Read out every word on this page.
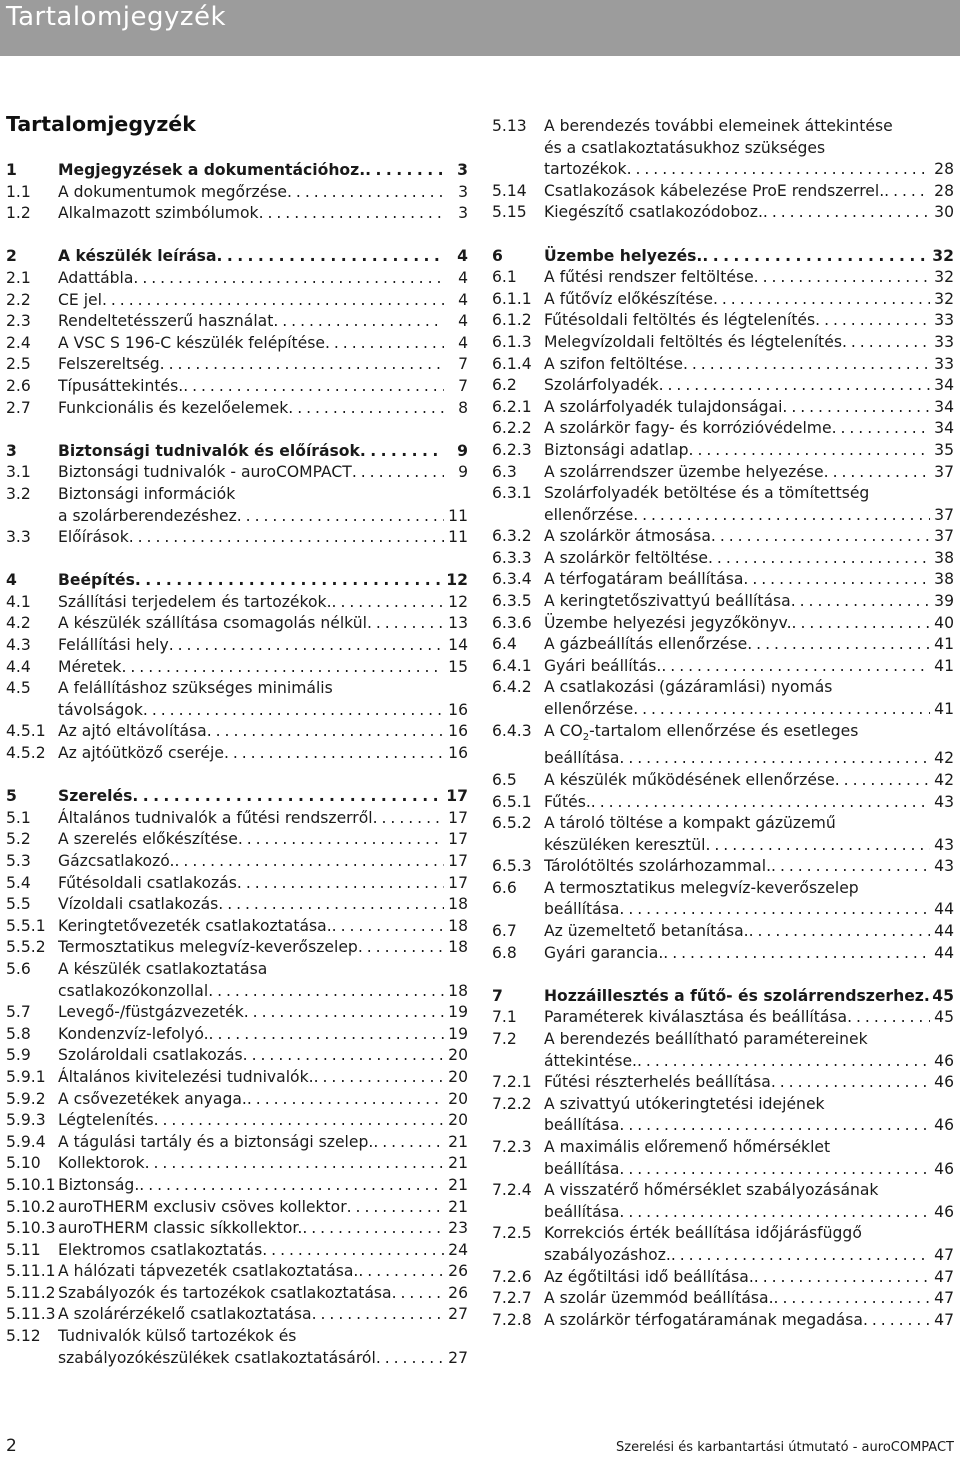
Tartalomjegyzék
Tartalomjegyzék
1	Megjegyzések a dokumentációhoz. . . .	3
1.1 A dokumentumok megőrzése . . .	3
1.2 Alkalmazott szimbólumok . . .	3
2	A készülék leírása . . .	4
2.1 Adattábla . . .	4
2.2 CE jel . . .	4
2.3 Rendeltetésszerű használat . . .	4
2.4 A VSC S 196-C készülék felépítése . . .	4
2.5 Felszereltség . . .	7
2.6 Típusáttekintés. . . .	7
2.7 Funkcionális és kezelőelemek . . .	8
3	Biztonsági tudnivalók és előírások . . .	9
3.1 Biztonsági tudnivalók - auroCOMPACT . . .	9
3.2 Biztonsági információk
a szolárberendezéshez . . .	11
3.3 Előírások . . .	11
4	Beépítés . . .	12
4.1 Szállítási terjedelem és tartozékok. . . .	12
4.2 A készülék szállítása csomagolás nélkül . . .	13
4.3 Felállítási hely . . .	14
4.4 Méretek . . .	15
4.5 A felállításhoz szükséges minimális
távolságok . . .	16
4.5.1 Az ajtó eltávolítása . . .	16
4.5.2 Az ajtóütköző cseréje . . .	16
5	Szerelés . . .	17
5.1 Általános tudnivalók a fűtési rendszerről . . .	17
5.2 A szerelés előkészítése . . .	17
5.3 Gázcsatlakozó. . . .	17
5.4 Fűtésoldali csatlakozás . . .	17
5.5 Vízoldali csatlakozás . . .	18
5.5.1 Keringtetővezeték csatlakoztatása. . . .	18
5.5.2 Termosztatikus melegvíz-keverőszelep . . .	18
5.6 A készülék csatlakoztatása
csatlakozókonzollal . . .	18
5.7 Levegő-/füstgázvezeték . . .	19
5.8 Kondenzvíz-lefolyó. . . .	19
5.9 Szolároldali csatlakozás . . .	20
5.9.1 Általános kivitelezési tudnivalók. . . .	20
5.9.2 A csővezetékek anyaga. . . .	20
5.9.3 Légtelenítés . . .	20
5.9.4 A tágulási tartály és a biztonsági szelep. . . .	21
5.10 Kollektorok . . .	21
5.10.1 Biztonság. . . .	21
5.10.2 auroTHERM exclusiv csöves kollektor . . .	21
5.10.3 auroTHERM classic síkkollektor. . . .	23
5.11 Elektromos csatlakoztatás . . .	24
5.11.1 A hálózati tápvezeték csatlakoztatása. . . .	26
5.11.2 Szabályozók és tartozékok csatlakoztatása . . .	26
5.11.3 A szolárérzékelő csatlakoztatása . . .	27
5.12 Tudnivalók külső tartozékok és
szabályozókészülékek csatlakoztatásáról . . .	27
5.13 A berendezés további elemeinek áttekintése
és a csatlakoztatásukhoz szükséges
tartozékok . . .	28
5.14 Csatlakozások kábelezése ProE rendszerrel. . . .	28
5.15 Kiegészítő csatlakozódoboz. . . .	30
6	Üzembe helyezés. . . .	32
6.1 A fűtési rendszer feltöltése . . .	32
6.1.1 A fűtővíz előkészítése . . .	32
6.1.2 Fűtésoldali feltöltés és légtelenítés . . .	33
6.1.3 Melegvízoldali feltöltés és légtelenítés . . .	33
6.1.4 A szifon feltöltése . . .	33
6.2 Szolárfolyadék . . .	34
6.2.1 A szolárfolyadék tulajdonságai . . .	34
6.2.2 A szolárkör fagy- és korrózióvédelme . . .	34
6.2.3 Biztonsági adatlap . . .	35
6.3 A szolárrendszer üzembe helyezése . . .	37
6.3.1 Szolárfolyadék betöltése és a tömítettség
ellenőrzése . . .	37
6.3.2 A szolárkör átmosása . . .	37
6.3.3 A szolárkör feltöltése . . .	38
6.3.4 A térfogatáram beállítása . . .	38
6.3.5 A keringtetőszivattyú beállítása . . .	39
6.3.6 Üzembe helyezési jegyzőkönyv. . . .	40
6.4 A gázbeállítás ellenőrzése . . .	41
6.4.1 Gyári beállítás. . . .	41
6.4.2 A csatlakozási (gázáramlási) nyomás
ellenőrzése . . .	41
6.4.3 A $CO_2$-tartalom ellenőrzése és esetleges
beállítása . . .	42
6.5 A készülék működésének ellenőrzése . . .	42
6.5.1 Fűtés. . . .	43
6.5.2 A tároló töltése a kompakt gázüzemű
készüléken keresztül . . .	43
6.5.3 Tárolótöltés szolárhozammal. . . .	43
6.6 A termosztatikus melegvíz-keverőszelep
beállítása . . .	44
6.7 Az üzemeltető betanítása. . . .	44
6.8 Gyári garancia. . . .	44
7	Hozzáillesztés a fűtő- és szolárrendszerhez. . . . 45
7.1 Paraméterek kiválasztása és beállítása . . .	45
7.2 A berendezés beállítható paramétereinek
áttekintése. . . .	46
7.2.1 Fűtési részterhelés beállítása . . .	46
7.2.2 A szivattyú utókeringtetési idejének
beállítása . . .	46
7.2.3 A maximális előremenő hőmérséklet
beállítása . . .	46
7.2.4 A visszatérő hőmérséklet szabályozásának
beállítása . . .	46
7.2.5 Korrekciós érték beállítása időjárásfüggő
szabályozáshoz. . . .	47
7.2.6 Az égőtiltási idő beállítása. . . .	47
7.2.7 A szolár üzemmód beállítása. . . .	47
7.2.8 A szolárkör térfogatáramának megadása . . .	47
2	Szerelési és karbantartási útmutató - auroCOMPACT
